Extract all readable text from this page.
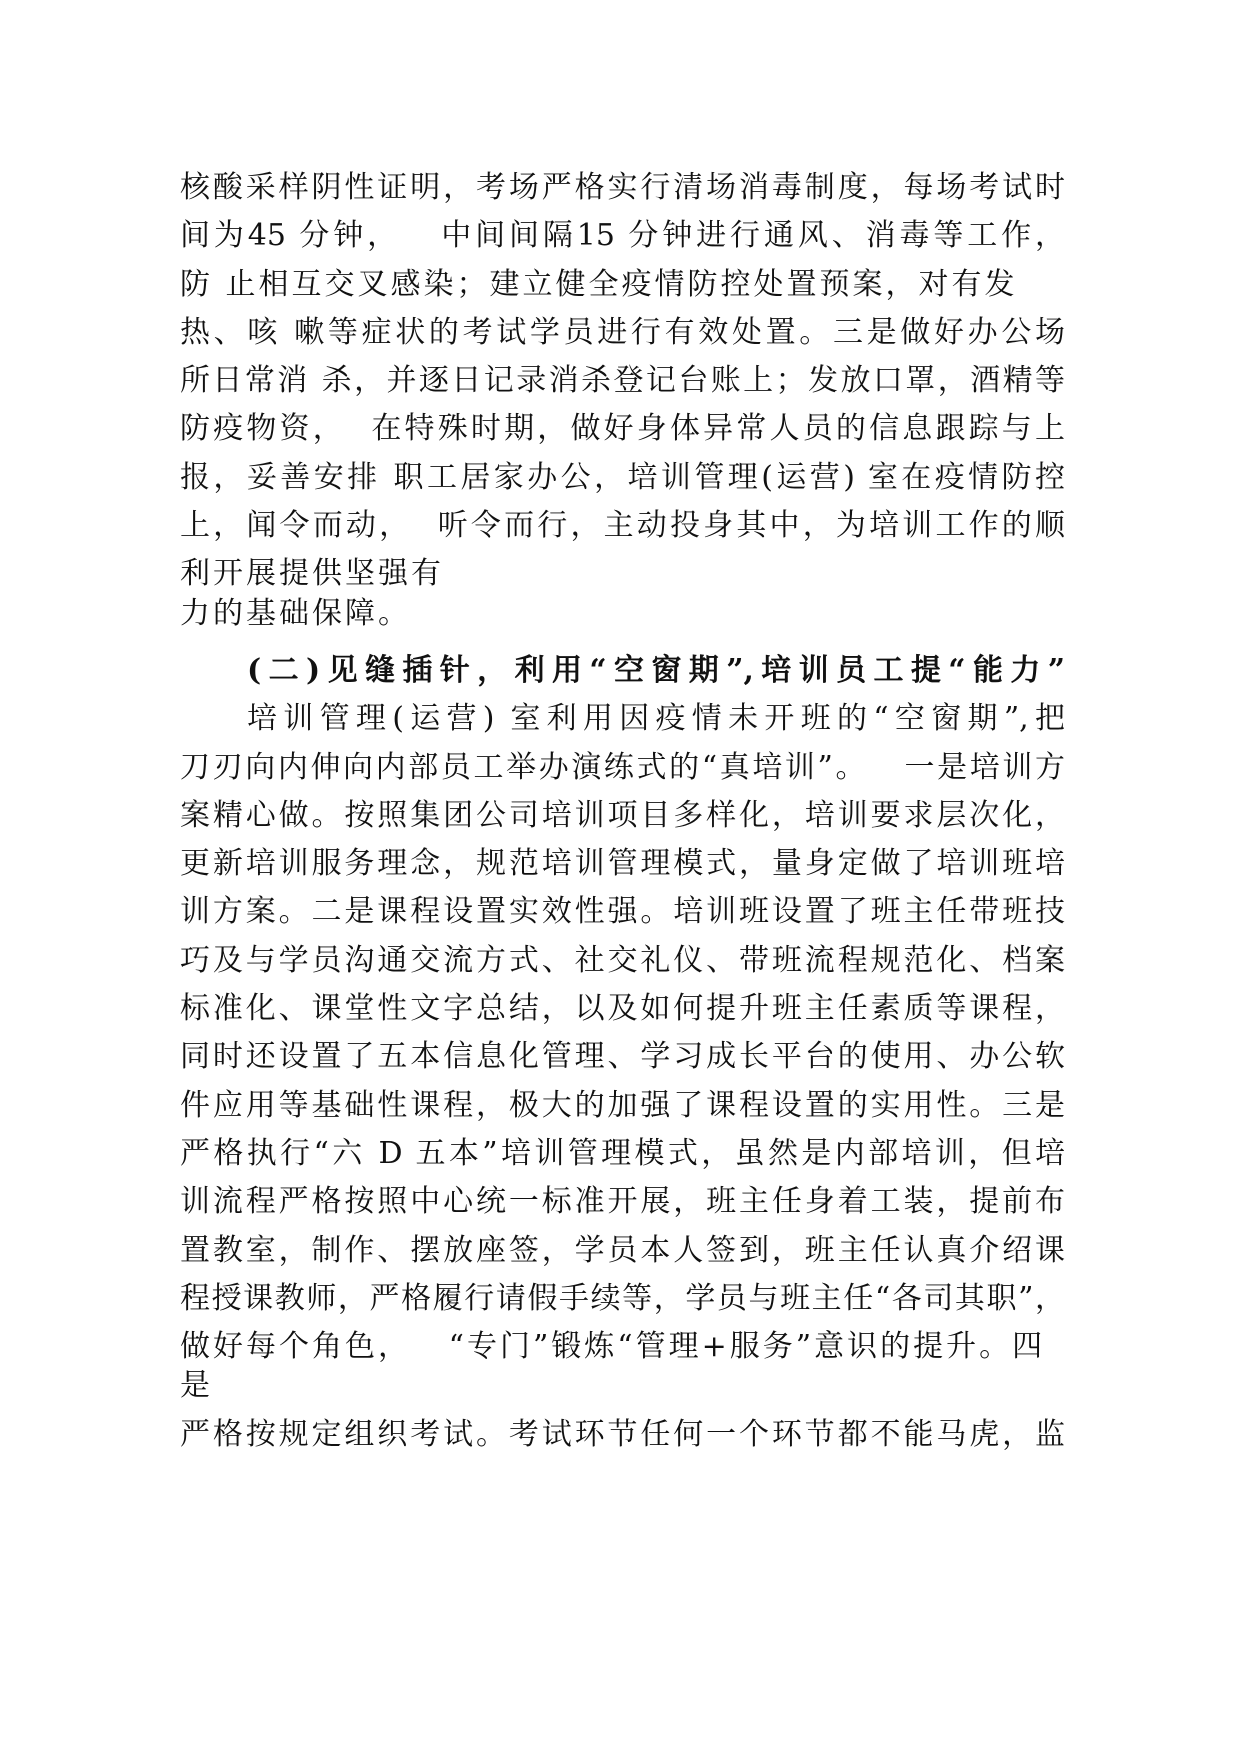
核酸采样阴性证明，考场严格实行清场消毒制度，每场考试时
间为45 分钟，   中间间隔15 分钟进行通风、消毒等工作，
防 止相互交叉感染；建立健全疫情防控处置预案，对有发
热、咳 嗽等症状的考试学员进行有效处置。三是做好办公场
所日常消 杀，并逐日记录消杀登记台账上；发放口罩，酒精等
防疫物资，  在特殊时期，做好身体异常人员的信息跟踪与上
报，妥善安排 职工居家办公，培训管理(运营) 室在疫情防控
上，闻令而动，  听令而行，主动投身其中，为培训工作的顺
利开展提供坚强有
力的基础保障。
(二)见缝插针，利用“空窗期”,培训员工提“能力”
培训管理(运营) 室利用因疫情未开班的“空窗期”,把
刀刃向内伸向内部员工举办演练式的“真培训”。   一是培训方
案精心做。按照集团公司培训项目多样化，培训要求层次化，
更新培训服务理念，规范培训管理模式，量身定做了培训班培
训方案。二是课程设置实效性强。培训班设置了班主任带班技
巧及与学员沟通交流方式、社交礼仪、带班流程规范化、档案
标准化、课堂性文字总结，以及如何提升班主任素质等课程，
同时还设置了五本信息化管理、学习成长平台的使用、办公软
件应用等基础性课程，极大的加强了课程设置的实用性。三是
严格执行“六 D 五本”培训管理模式，虽然是内部培训，但培
训流程严格按照中心统一标准开展，班主任身着工装，提前布
置教室，制作、摆放座签，学员本人签到，班主任认真介绍课
程授课教师，严格履行请假手续等，学员与班主任“各司其职”，
做好每个角色，   “专门”锻炼“管理+服务”意识的提升。四
是
严格按规定组织考试。考试环节任何一个环节都不能马虎，监
